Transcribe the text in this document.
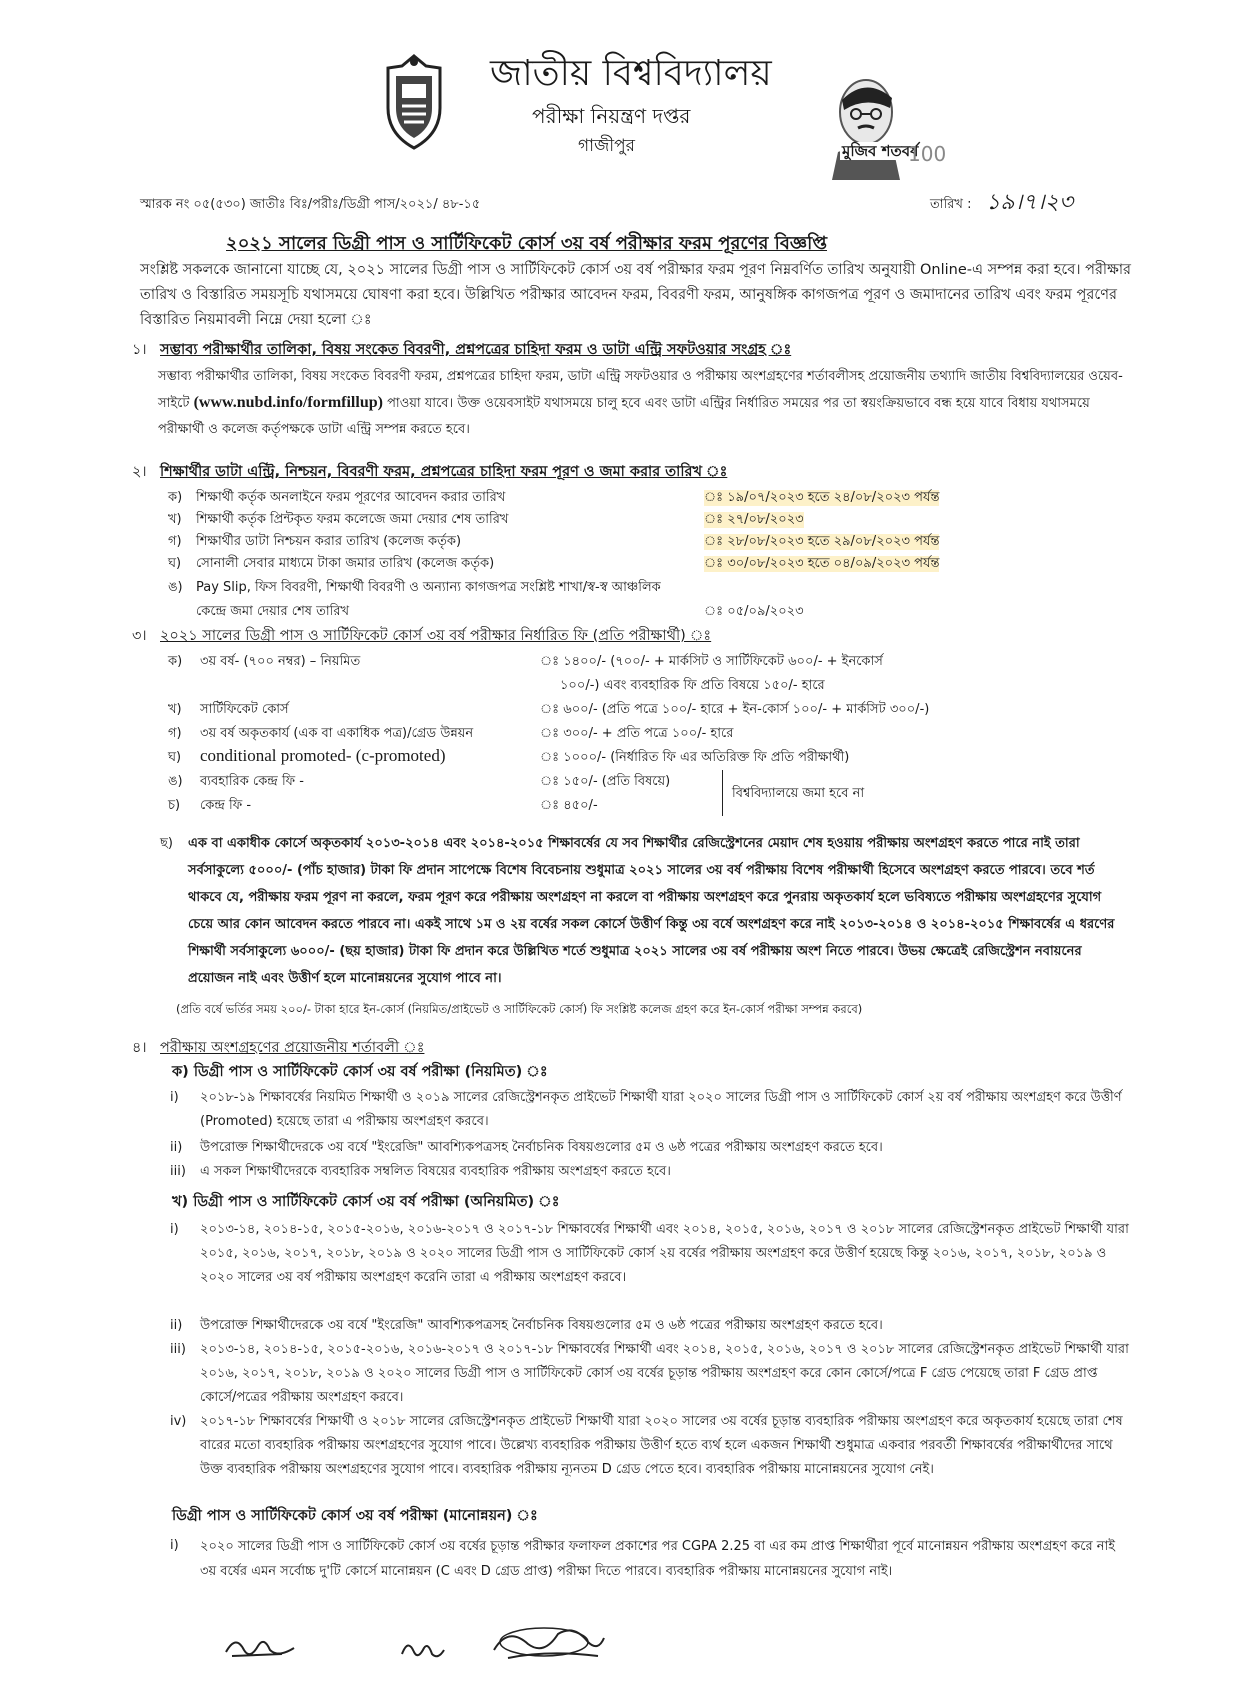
জাতীয় বিশ্ববিদ্যালয়
পরীক্ষা নিয়ন্ত্রণ দপ্তর
গাজীপুর	মুজিব শতবর্ষ
100
স্মারক নং ০৫(৫৩০) জাতীঃ বিঃ/পরীঃ/ডিগ্রী পাস/২০২১/ ৪৮-১৫	তারিখ : ১৯।৭।২৩
২০২১ সালের ডিগ্রী পাস ও সার্টিফিকেট কোর্স ৩য় বর্ষ পরীক্ষার ফরম পূরণের বিজ্ঞপ্তি
সংশ্লিষ্ট সকলকে জানানো যাচ্ছে যে, ২০২১ সালের ডিগ্রী পাস ও সার্টিফিকেট কোর্স ৩য় বর্ষ পরীক্ষার ফরম পূরণ নিম্নবর্ণিত তারিখ অনুযায়ী Online-এ সম্পন্ন করা হবে। পরীক্ষার তারিখ ও বিস্তারিত সময়সূচি যথাসময়ে ঘোষণা করা হবে। উল্লিখিত পরীক্ষার আবেদন ফরম, বিবরণী ফরম, আনুষঙ্গিক কাগজপত্র পূরণ ও জমাদানের তারিখ এবং ফরম পূরণের বিস্তারিত নিয়মাবলী নিম্নে দেয়া হলো ঃ
১। সম্ভাব্য পরীক্ষার্থীর তালিকা, বিষয় সংকেত বিবরণী, প্রশ্নপত্রের চাহিদা ফরম ও ডাটা এন্ট্রি সফটওয়ার সংগ্রহ ঃ
সম্ভাব্য পরীক্ষার্থীর তালিকা, বিষয় সংকেত বিবরণী ফরম, প্রশ্নপত্রের চাহিদা ফরম, ডাটা এন্ট্রি সফটওয়ার ও পরীক্ষায় অংশগ্রহণের শর্তাবলীসহ প্রয়োজনীয় তথ্যাদি জাতীয় বিশ্ববিদ্যালয়ের ওয়েব-সাইটে (www.nubd.info/formfillup) পাওয়া যাবে। উক্ত ওয়েবসাইট যথাসময়ে চালু হবে এবং ডাটা এন্ট্রির নির্ধারিত সময়ের পর তা স্বয়ংক্রিয়ভাবে বন্ধ হয়ে যাবে বিধায় যথাসময়ে পরীক্ষার্থী ও কলেজ কর্তৃপক্ষকে ডাটা এন্ট্রি সম্পন্ন করতে হবে।
২। শিক্ষার্থীর ডাটা এন্ট্রি, নিশ্চয়ন, বিবরণী ফরম, প্রশ্নপত্রের চাহিদা ফরম পূরণ ও জমা করার তারিখ ঃ
ক) শিক্ষার্থী কর্তৃক অনলাইনে ফরম পূরণের আবেদন করার তারিখ	ঃ ১৯/০৭/২০২৩ হতে ২৪/০৮/২০২৩ পর্যন্ত
খ) শিক্ষার্থী কর্তৃক প্রিন্টকৃত ফরম কলেজে জমা দেয়ার শেষ তারিখ	ঃ ২৭/০৮/২০২৩
গ) শিক্ষার্থীর ডাটা নিশ্চয়ন করার তারিখ (কলেজ কর্তৃক)	ঃ ২৮/০৮/২০২৩ হতে ২৯/০৮/২০২৩ পর্যন্ত
ঘ) সোনালী সেবার মাধ্যমে টাকা জমার তারিখ (কলেজ কর্তৃক)	ঃ ৩০/০৮/২০২৩ হতে ০৪/০৯/২০২৩ পর্যন্ত
ঙ) Pay Slip, ফিস বিবরণী, শিক্ষার্থী বিবরণী ও অন্যান্য কাগজপত্র সংশ্লিষ্ট শাখা/স্ব-স্ব আঞ্চলিক
কেন্দ্রে জমা দেয়ার শেষ তারিখ	ঃ ০৫/০৯/২০২৩
৩। ২০২১ সালের ডিগ্রী পাস ও সার্টিফিকেট কোর্স ৩য় বর্ষ পরীক্ষার নির্ধারিত ফি (প্রতি পরীক্ষার্থী) ঃ
ক) ৩য় বর্ষ- (৭০০ নম্বর) – নিয়মিত	ঃ ১৪০০/- (৭০০/- + মার্কসিট ও সার্টিফিকেট ৬০০/- + ইনকোর্স
১০০/-) এবং ব্যবহারিক ফি প্রতি বিষয়ে ১৫০/- হারে
খ) সার্টিফিকেট কোর্স	ঃ ৬০০/- (প্রতি পত্রে ১০০/- হারে + ইন-কোর্স ১০০/- + মার্কসিট ৩০০/-)
গ) ৩য় বর্ষ অকৃতকার্য (এক বা একাধিক পত্র)/গ্রেড উন্নয়ন	ঃ ৩০০/- + প্রতি পত্রে ১০০/- হারে
ঘ) conditional promoted- (c-promoted)	ঃ ১০০০/- (নির্ধারিত ফি এর অতিরিক্ত ফি প্রতি পরীক্ষার্থী)
ঙ) ব্যবহারিক কেন্দ্র ফি -	ঃ ১৫০/- (প্রতি বিষয়ে)
চ) কেন্দ্র ফি -	ঃ ৪৫০/-
বিশ্ববিদ্যালয়ে জমা হবে না
ছ) এক বা একাধীক কোর্সে অকৃতকার্য ২০১৩-২০১৪ এবং ২০১৪-২০১৫ শিক্ষাবর্ষের যে সব শিক্ষার্থীর রেজিস্ট্রেশনের মেয়াদ শেষ হওয়ায় পরীক্ষায় অংশগ্রহণ করতে পারে নাই তারা সর্বসাকুল্যে ৫০০০/- (পাঁচ হাজার) টাকা ফি প্রদান সাপেক্ষে বিশেষ বিবেচনায় শুধুমাত্র ২০২১ সালের ৩য় বর্ষ পরীক্ষায় বিশেষ পরীক্ষার্থী হিসেবে অংশগ্রহণ করতে পারবে। তবে শর্ত থাকবে যে, পরীক্ষায় ফরম পূরণ না করলে, ফরম পূরণ করে পরীক্ষায় অংশগ্রহণ না করলে বা পরীক্ষায় অংশগ্রহণ করে পুনরায় অকৃতকার্য হলে ভবিষ্যতে পরীক্ষায় অংশগ্রহণের সুযোগ চেয়ে আর কোন আবেদন করতে পারবে না। একই সাথে ১ম ও ২য় বর্ষের সকল কোর্সে উত্তীর্ণ কিন্তু ৩য় বর্ষে অংশগ্রহণ করে নাই ২০১৩-২০১৪ ও ২০১৪-২০১৫ শিক্ষাবর্ষের এ ধরণের শিক্ষার্থী সর্বসাকুল্যে ৬০০০/- (ছয় হাজার) টাকা ফি প্রদান করে উল্লিখিত শর্তে শুধুমাত্র ২০২১ সালের ৩য় বর্ষ পরীক্ষায় অংশ নিতে পারবে। উভয় ক্ষেত্রেই রেজিস্ট্রেশন নবায়নের প্রয়োজন নাই এবং উত্তীর্ণ হলে মানোন্নয়নের সুযোগ পাবে না।
(প্রতি বর্ষে ভর্তির সময় ২০০/- টাকা হারে ইন-কোর্স (নিয়মিত/প্রাইভেট ও সার্টিফিকেট কোর্স) ফি সংশ্লিষ্ট কলেজ গ্রহণ করে ইন-কোর্স পরীক্ষা সম্পন্ন করবে)
৪। পরীক্ষায় অংশগ্রহণের প্রয়োজনীয় শর্তাবলী ঃ
ক) ডিগ্রী পাস ও সার্টিফিকেট কোর্স ৩য় বর্ষ পরীক্ষা (নিয়মিত) ঃ
i) ২০১৮-১৯ শিক্ষাবর্ষের নিয়মিত শিক্ষার্থী ও ২০১৯ সালের রেজিস্ট্রেশনকৃত প্রাইভেট শিক্ষার্থী যারা ২০২০ সালের ডিগ্রী পাস ও সার্টিফিকেট কোর্স ২য় বর্ষ পরীক্ষায় অংশগ্রহণ করে উত্তীর্ণ (Promoted) হয়েছে তারা এ পরীক্ষায় অংশগ্রহণ করবে।
ii) উপরোক্ত শিক্ষার্থীদেরকে ৩য় বর্ষে "ইংরেজি" আবশ্যিকপত্রসহ নৈর্বাচনিক বিষয়গুলোর ৫ম ও ৬ষ্ঠ পত্রের পরীক্ষায় অংশগ্রহণ করতে হবে।
iii) এ সকল শিক্ষার্থীদেরকে ব্যবহারিক সম্বলিত বিষয়ের ব্যবহারিক পরীক্ষায় অংশগ্রহণ করতে হবে।
খ) ডিগ্রী পাস ও সার্টিফিকেট কোর্স ৩য় বর্ষ পরীক্ষা (অনিয়মিত) ঃ
i) ২০১৩-১৪, ২০১৪-১৫, ২০১৫-২০১৬, ২০১৬-২০১৭ ও ২০১৭-১৮ শিক্ষাবর্ষের শিক্ষার্থী এবং ২০১৪, ২০১৫, ২০১৬, ২০১৭ ও ২০১৮ সালের রেজিস্ট্রেশনকৃত প্রাইভেট শিক্ষার্থী যারা ২০১৫, ২০১৬, ২০১৭, ২০১৮, ২০১৯ ও ২০২০ সালের ডিগ্রী পাস ও সার্টিফিকেট কোর্স ২য় বর্ষের পরীক্ষায় অংশগ্রহণ করে উত্তীর্ণ হয়েছে কিন্তু ২০১৬, ২০১৭, ২০১৮, ২০১৯ ও ২০২০ সালের ৩য় বর্ষ পরীক্ষায় অংশগ্রহণ করেনি তারা এ পরীক্ষায় অংশগ্রহণ করবে।
ii) উপরোক্ত শিক্ষার্থীদেরকে ৩য় বর্ষে "ইংরেজি" আবশ্যিকপত্রসহ নৈর্বাচনিক বিষয়গুলোর ৫ম ও ৬ষ্ঠ পত্রের পরীক্ষায় অংশগ্রহণ করতে হবে।
iii) ২০১৩-১৪, ২০১৪-১৫, ২০১৫-২০১৬, ২০১৬-২০১৭ ও ২০১৭-১৮ শিক্ষাবর্ষের শিক্ষার্থী এবং ২০১৪, ২০১৫, ২০১৬, ২০১৭ ও ২০১৮ সালের রেজিস্ট্রেশনকৃত প্রাইভেট শিক্ষার্থী যারা ২০১৬, ২০১৭, ২০১৮, ২০১৯ ও ২০২০ সালের ডিগ্রী পাস ও সার্টিফিকেট কোর্স ৩য় বর্ষের চূড়ান্ত পরীক্ষায় অংশগ্রহণ করে কোন কোর্সে/পত্রে F গ্রেড পেয়েছে তারা F গ্রেড প্রাপ্ত কোর্সে/পত্রের পরীক্ষায় অংশগ্রহণ করবে।
iv) ২০১৭-১৮ শিক্ষাবর্ষের শিক্ষার্থী ও ২০১৮ সালের রেজিস্ট্রেশনকৃত প্রাইভেট শিক্ষার্থী যারা ২০২০ সালের ৩য় বর্ষের চূড়ান্ত ব্যবহারিক পরীক্ষায় অংশগ্রহণ করে অকৃতকার্য হয়েছে তারা শেষ বারের মতো ব্যবহারিক পরীক্ষায় অংশগ্রহণের সুযোগ পাবে। উল্লেখ্য ব্যবহারিক পরীক্ষায় উত্তীর্ণ হতে ব্যর্থ হলে একজন শিক্ষার্থী শুধুমাত্র একবার পরবর্তী শিক্ষাবর্ষের পরীক্ষার্থীদের সাথে উক্ত ব্যবহারিক পরীক্ষায় অংশগ্রহণের সুযোগ পাবে। ব্যবহারিক পরীক্ষায় ন্যূনতম D গ্রেড পেতে হবে। ব্যবহারিক পরীক্ষায় মানোন্নয়নের সুযোগ নেই।
ডিগ্রী পাস ও সার্টিফিকেট কোর্স ৩য় বর্ষ পরীক্ষা (মানোন্নয়ন) ঃ
i) ২০২০ সালের ডিগ্রী পাস ও সার্টিফিকেট কোর্স ৩য় বর্ষের চূড়ান্ত পরীক্ষার ফলাফল প্রকাশের পর CGPA 2.25 বা এর কম প্রাপ্ত শিক্ষার্থীরা পূর্বে মানোন্নয়ন পরীক্ষায় অংশগ্রহণ করে নাই ৩য় বর্ষের এমন সর্বোচ্চ দু'টি কোর্সে মানোন্নয়ন (C এবং D গ্রেড প্রাপ্ত) পরীক্ষা দিতে পারবে। ব্যবহারিক পরীক্ষায় মানোন্নয়নের সুযোগ নাই।
